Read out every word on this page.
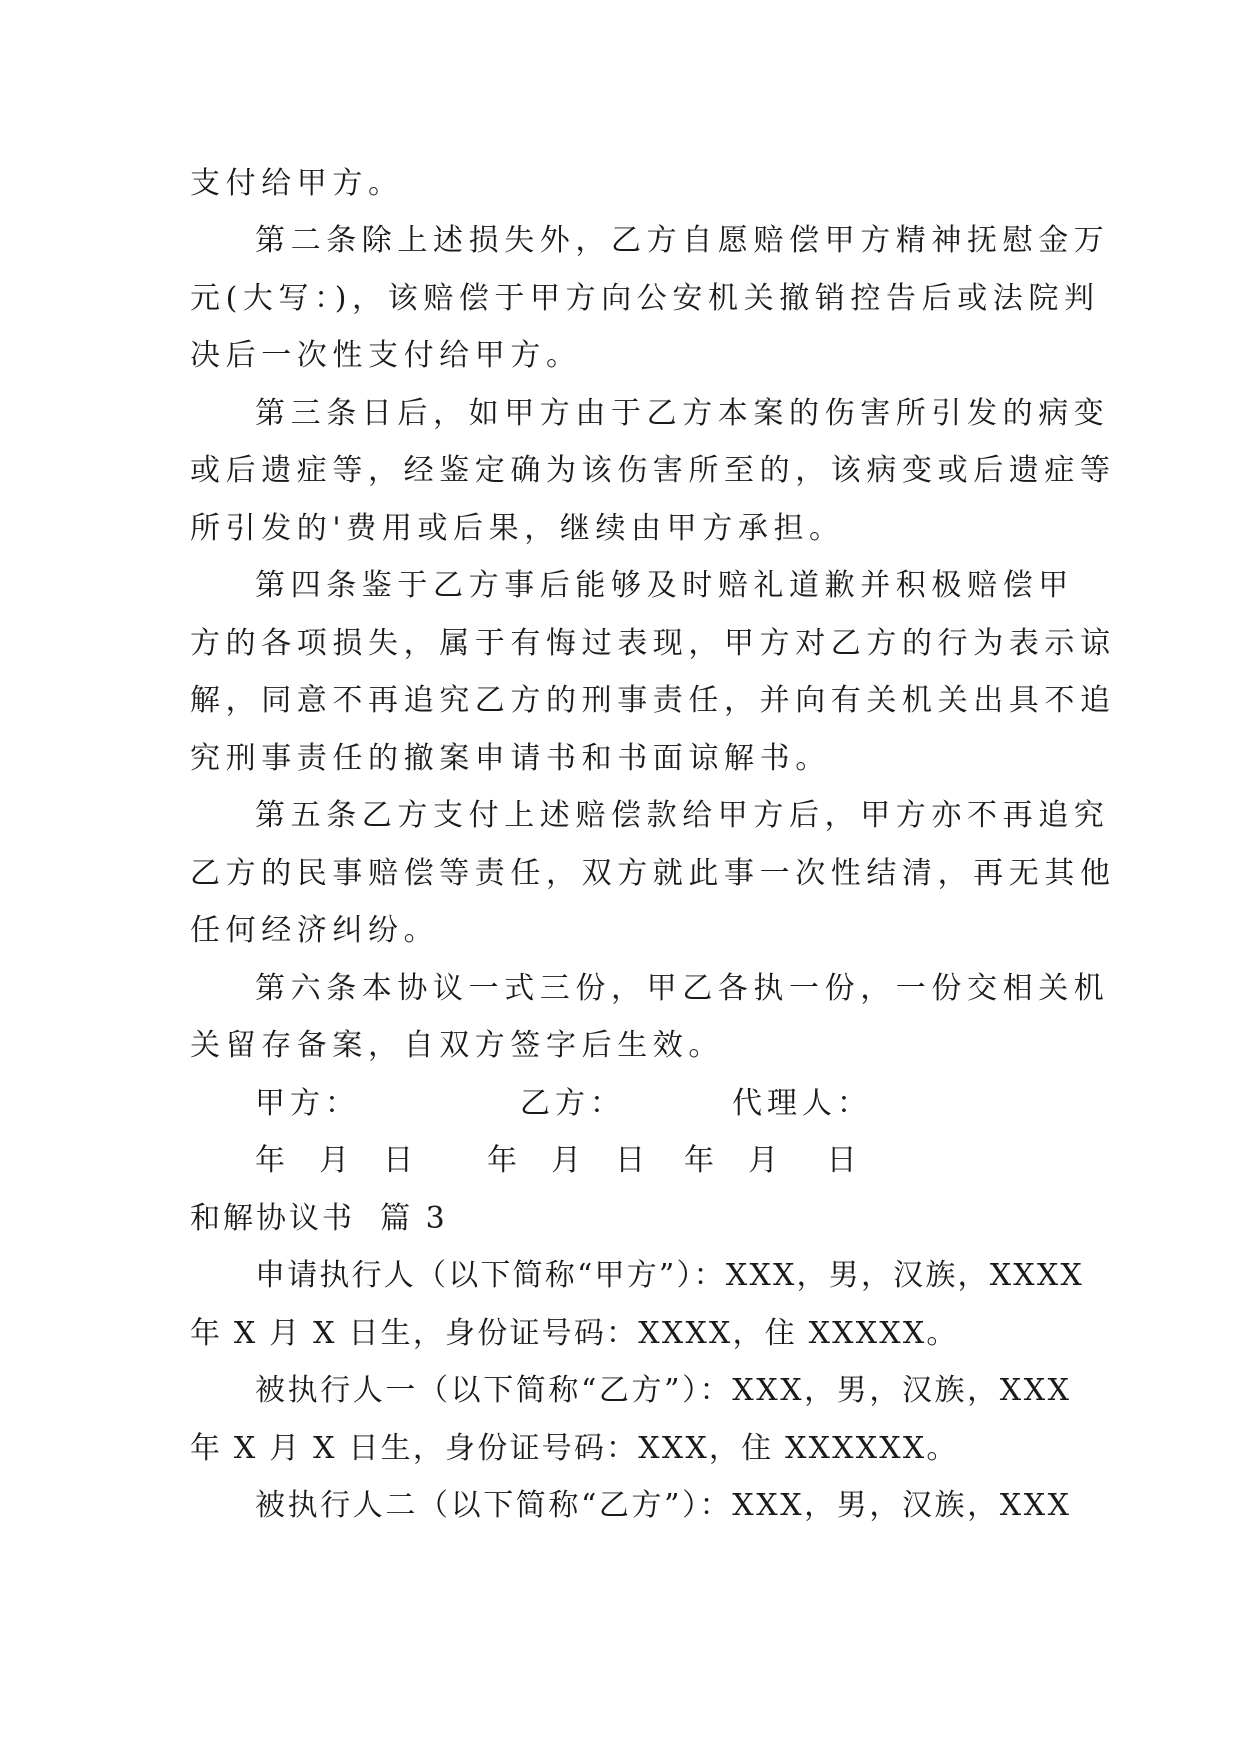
支付给甲方。
第二条除上述损失外，乙方自愿赔偿甲方精神抚慰金万
元(大写：)，该赔偿于甲方向公安机关撤销控告后或法院判
决后一次性支付给甲方。
第三条日后，如甲方由于乙方本案的伤害所引发的病变
或后遗症等，经鉴定确为该伤害所至的，该病变或后遗症等
所引发的'费用或后果，继续由甲方承担。
第四条鉴于乙方事后能够及时赔礼道歉并积极赔偿甲
方的各项损失，属于有悔过表现，甲方对乙方的行为表示谅
解，同意不再追究乙方的刑事责任，并向有关机关出具不追
究刑事责任的撤案申请书和书面谅解书。
第五条乙方支付上述赔偿款给甲方后，甲方亦不再追究
乙方的民事赔偿等责任，双方就此事一次性结清，再无其他
任何经济纠纷。
第六条本协议一式三份，甲乙各执一份，一份交相关机
关留存备案，自双方签字后生效。
甲方：	乙方：	代理人：
年  月  日 年  月  日 年  月   日
和解协议书  篇 3
申请执行人（以下简称“甲方”）：XXX，男，汉族，XXXX
年 X 月 X 日生，身份证号码：XXXX，住 XXXXX。
被执行人一（以下简称“乙方”）：XXX，男，汉族，XXX
年 X 月 X 日生，身份证号码：XXX，住 XXXXXX。
被执行人二（以下简称“乙方”）：XXX，男，汉族，XXX
